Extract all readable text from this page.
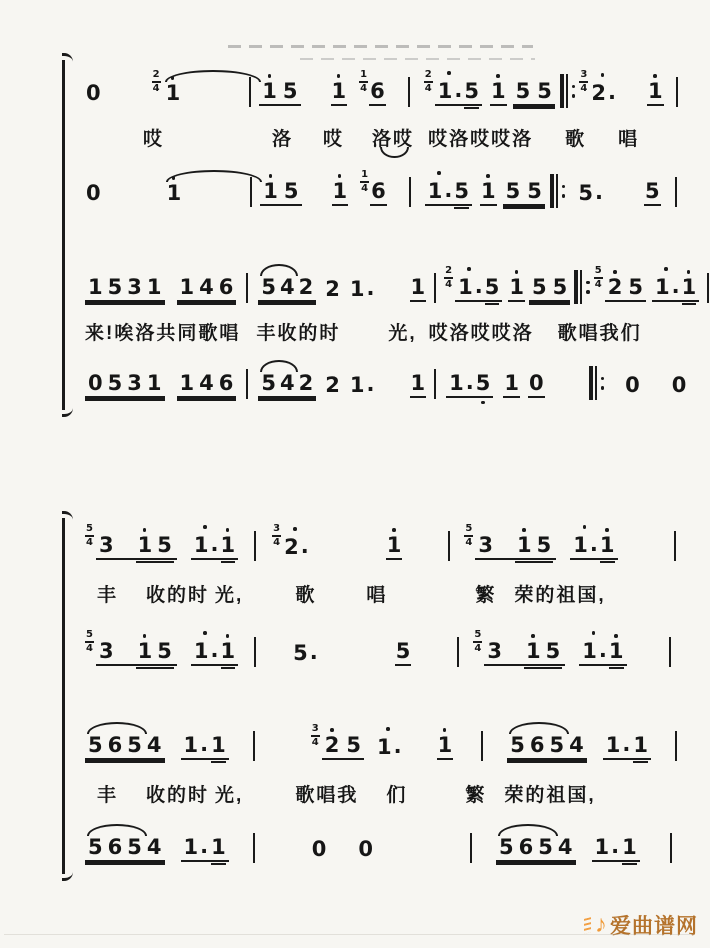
♪ 爱曲谱网
0	$\frac{2}{4} 1$	1 5 $1 \frac{1}{4} 6$	$\frac{2}{4} 1$ . 5 1 5 5	$\frac{3}{4} 2$ . 1
哎	洛 哎 洛哎 哎洛哎哎洛 歌 唱
0	1	1 5 $1 \frac{1}{4} 6$ 1 . 5 1 5 5 5 . 5
1 5 3 1 1 4 6 5 4 2 2 1 . $1 \frac{2}{4} 1$ . 5 1 5 5	$\frac{5}{4} 2$ 5 1 . 1
来!唉洛共同歌唱 丰收的时	光, 哎洛哎哎洛 歌唱我们
0 5 3 1 1 4 6 5 4 2 2 1 . 1 1 . 5 1 0	0 0
$\frac{5}{4} 3$ 1 5 1 . 1	$\frac{3}{4} 2$ .	1	$\frac{5}{4} 3$ 1 5 1 . 1
丰 收的时 光,	歌	唱	繁 荣的祖国,
$\frac{5}{4} 3$ 1 5 1 . 1	5 .	5	$\frac{5}{4} 3$ 1 5 1 . 1
5 6 5 4 1 . 1	$\frac{3}{4} 2$ 5 1 . 1	5 6 5 4 1 . 1
丰 收的时 光,	歌唱我 们	繁 荣的祖国,
5 6 5 4 1 . 1	0 0	5 6 5 4 1 . 1
